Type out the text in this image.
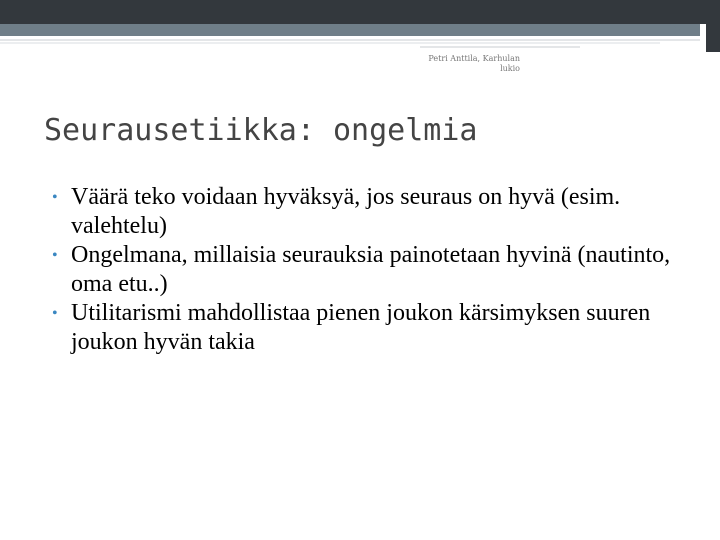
Petri Anttila, Karhulan
lukio
Seurausetiikka: ongelmia
• Väärä teko voidaan hyväksyä, jos seuraus on hyvä (esim. valehtelu)
• Ongelmana, millaisia seurauksia painotetaan hyvinä (nautinto, oma etu..)
• Utilitarismi mahdollistaa pienen joukon kärsimyksen suuren joukon hyvän takia
